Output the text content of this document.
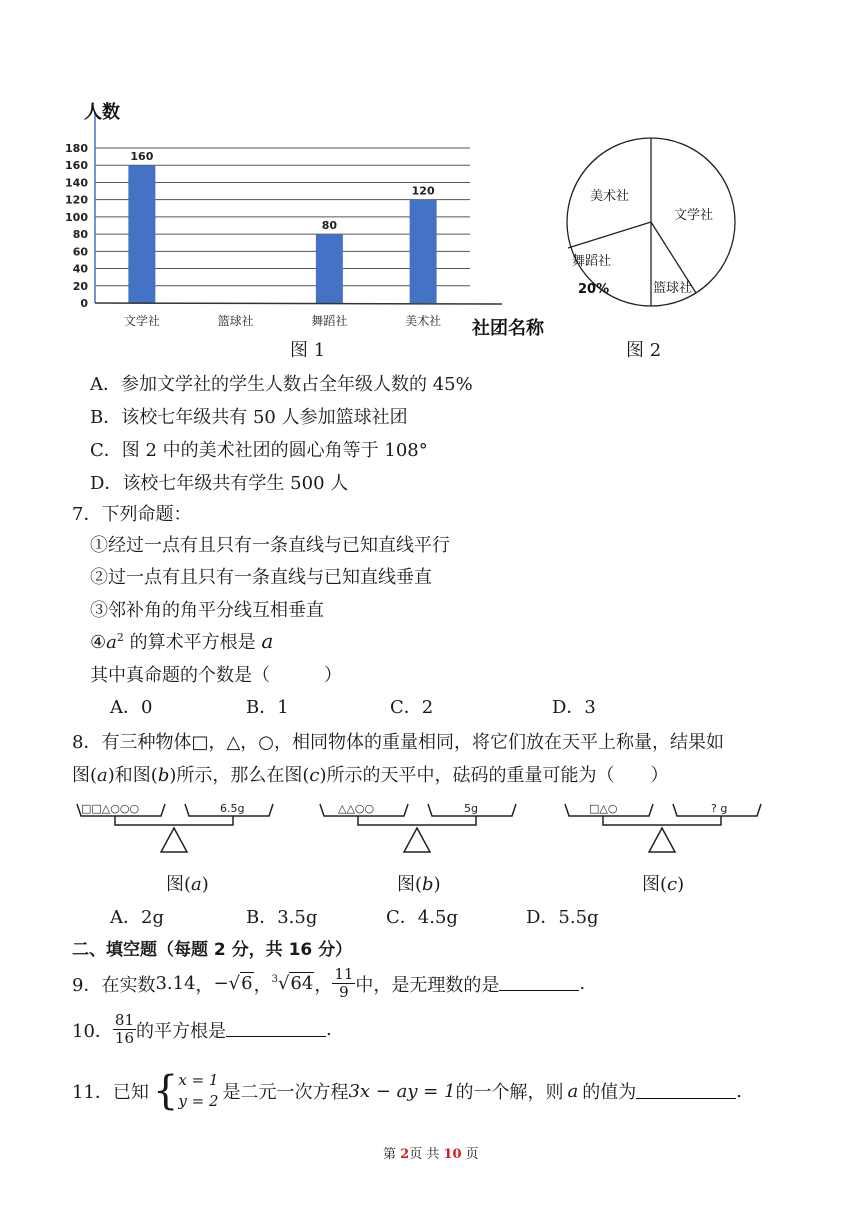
0
20
40
60
80
100
120
140
160
180
160
80
120
文学社	篮球社	舞蹈社	美术社
人数
社团名称
图 1
文学社
篮球社
舞蹈社
20%
美术社
图 2
A．参加文学社的学生人数占全年级人数的 45%
B．该校七年级共有 50 人参加篮球社团
C．图 2 中的美术社团的圆心角等于 108°
D．该校七年级共有学生 500 人
7．下列命题：
①经过一点有且只有一条直线与已知直线平行
②过一点有且只有一条直线与已知直线垂直
③邻补角的角平分线互相垂直
$④a^2$ 的算术平方根是 a
其中真命题的个数是（　　　）
A．0	B．1	C．2	D．3
8．有三种物体□，△，○，相同物体的重量相同，将它们放在天平上称量，结果如
图(a)和图(b)所示，那么在图(c)所示的天平中，砝码的重量可能为（　　）
□□△○○○	6.5g
图(a)
△△○○	5g
图(b)
□△○	? g
图(c)
A．2g	B．3.5g	C．4.5g	D．5.5g
二、填空题（每题 2 分，共 16 分）
9．在实数 3.14 ， −√6 ， $^3$√64 ， $\frac{11}{9}$ 中，是无理数的是	.
10． $\frac{81}{16}$ 的平方根是	.
11．已知 { x = 1
y = 2 是二元一次方程 3x − ay = 1 的一个解，则 a 的值为	.
第 2页 共 10 页
